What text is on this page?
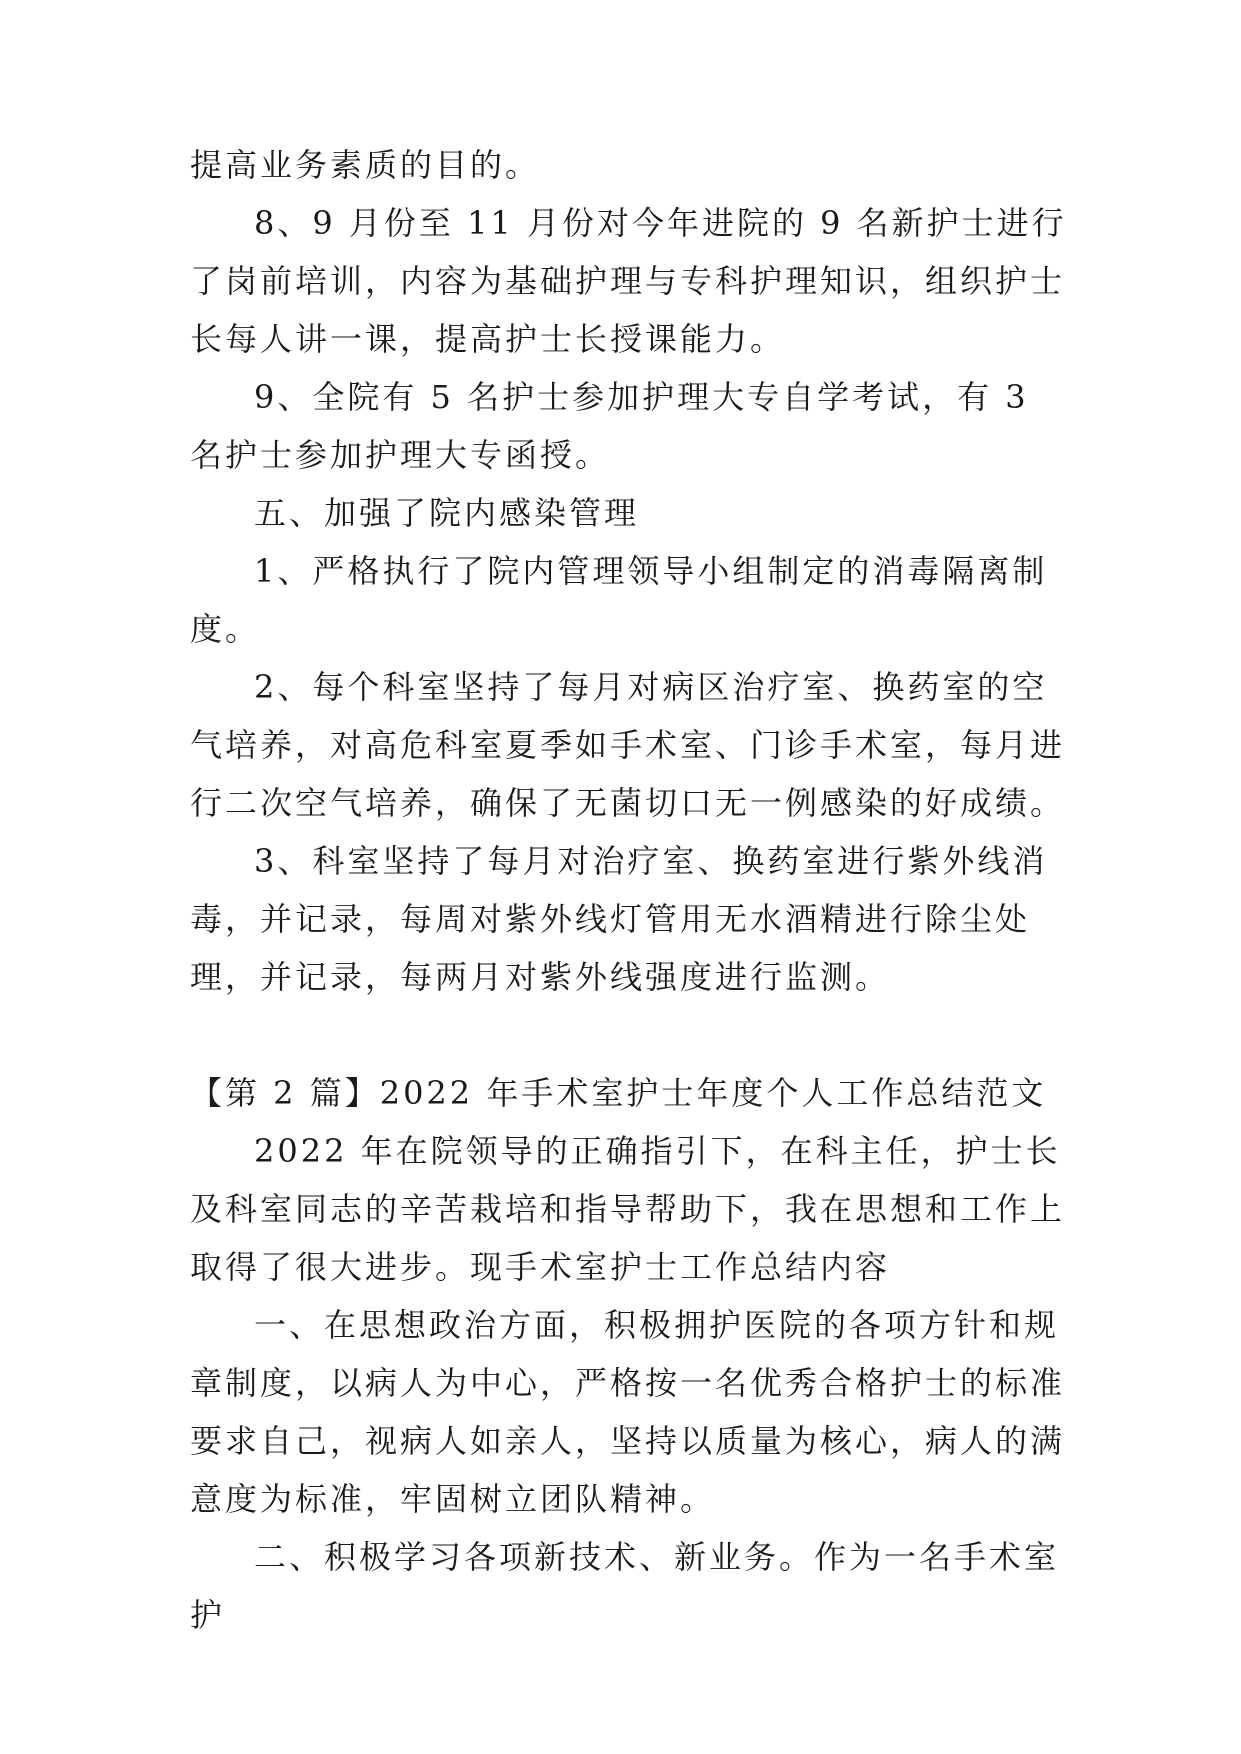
提高业务素质的目的。

8、9 月份至 11 月份对今年进院的 9 名新护士进行了岗前培训，内容为基础护理与专科护理知识，组织护士长每人讲一课，提高护士长授课能力。

9、全院有 5 名护士参加护理大专自学考试，有 3 名护士参加护理大专函授。

五、加强了院内感染管理

1、严格执行了院内管理领导小组制定的消毒隔离制度。

2、每个科室坚持了每月对病区治疗室、换药室的空气培养，对高危科室夏季如手术室、门诊手术室，每月进行二次空气培养，确保了无菌切口无一例感染的好成绩。

3、科室坚持了每月对治疗室、换药室进行紫外线消毒，并记录，每周对紫外线灯管用无水酒精进行除尘处理，并记录，每两月对紫外线强度进行监测。

【第 2 篇】2022 年手术室护士年度个人工作总结范文

2022 年在院领导的正确指引下，在科主任，护士长及科室同志的辛苦栽培和指导帮助下，我在思想和工作上取得了很大进步。现手术室护士工作总结内容

一、在思想政治方面，积极拥护医院的各项方针和规章制度，以病人为中心，严格按一名优秀合格护士的标准要求自己，视病人如亲人，坚持以质量为核心，病人的满意度为标准，牢固树立团队精神。

二、积极学习各项新技术、新业务。作为一名手术室护
